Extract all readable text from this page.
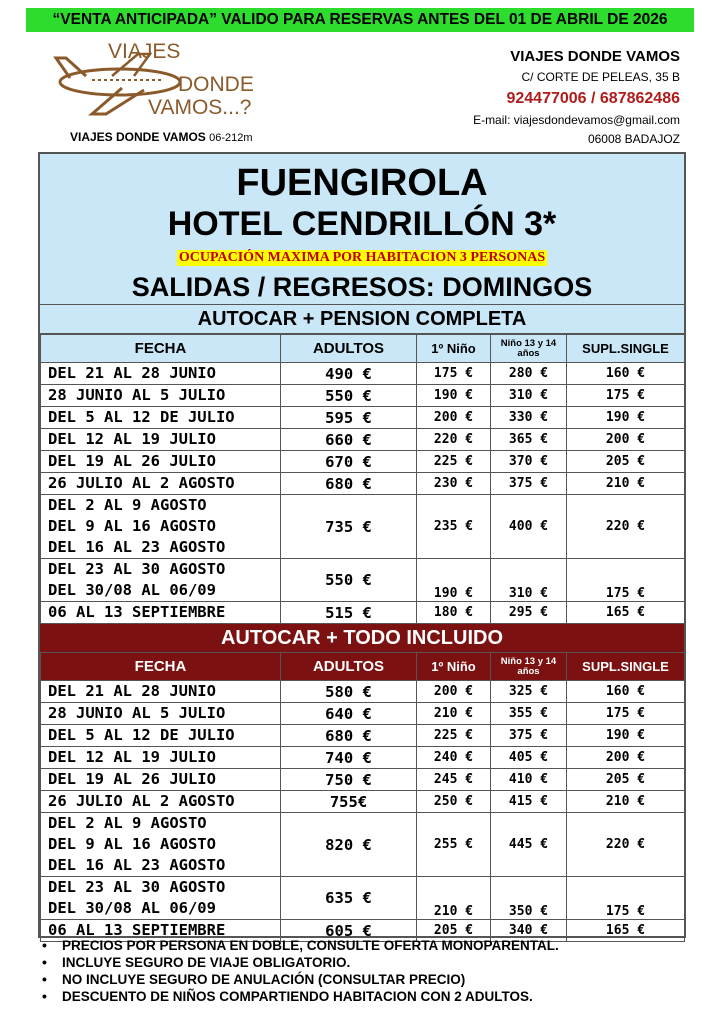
“VENTA ANTICIPADA” VALIDO PARA RESERVAS ANTES DEL 01 DE ABRIL DE 2026
VIAJES
DONDE
VAMOS...?
VIAJES DONDE VAMOS 06-212m
VIAJES DONDE VAMOS
C/ CORTE DE PELEAS, 35 B
924477006 / 687862486
E-mail: viajesdondevamos@gmail.com
06008 BADAJOZ
FUENGIROLA
HOTEL CENDRILLÓN 3*
OCUPACIÓN MAXIMA POR HABITACION 3 PERSONAS
SALIDAS / REGRESOS: DOMINGOS
AUTOCAR + PENSION COMPLETA
FECHA	ADULTOS	1º Niño	Niño 13 y 14 años	SUPL.SINGLE

DEL 21 AL 28 JUNIO	490 €	175 €	280 €	160 €

28 JUNIO AL 5 JULIO	550 €	190 €	310 €	175 €

DEL 5 AL 12 DE JULIO	595 €	200 €	330 €	190 €

DEL 12 AL 19 JULIO	660 €	220 €	365 €	200 €

DEL 19 AL 26 JULIO	670 €	225 €	370 €	205 €

26 JULIO AL 2 AGOSTO	680 €	230 €	375 €	210 €

DEL 2 AL 9 AGOSTO
DEL 9 AL 16 AGOSTO
DEL 16 AL 23 AGOSTO	735 €	235 €	400 €	220 €

DEL 23 AL 30 AGOSTO
DEL 30/08 AL 06/09	550 €	190 €	310 €	175 €

06 AL 13 SEPTIEMBRE	515 €	180 €	295 €	165 €
AUTOCAR + TODO INCLUIDO
FECHA	ADULTOS	1º Niño	Niño 13 y 14 años	SUPL.SINGLE

DEL 21 AL 28 JUNIO	580 €	200 €	325 €	160 €

28 JUNIO AL 5 JULIO	640 €	210 €	355 €	175 €

DEL 5 AL 12 DE JULIO	680 €	225 €	375 €	190 €

DEL 12 AL 19 JULIO	740 €	240 €	405 €	200 €

DEL 19 AL 26 JULIO	750 €	245 €	410 €	205 €

26 JULIO AL 2 AGOSTO	755€	250 €	415 €	210 €

DEL 2 AL 9 AGOSTO
DEL 9 AL 16 AGOSTO
DEL 16 AL 23 AGOSTO	820 €	255 €	445 €	220 €

DEL 23 AL 30 AGOSTO
DEL 30/08 AL 06/09	635 €	210 €	350 €	175 €

06 AL 13 SEPTIEMBRE	605 €	205 €	340 €	165 €
• PRECIOS POR PERSONA EN DOBLE, CONSULTE OFERTA MONOPARENTAL.
• INCLUYE SEGURO DE VIAJE OBLIGATORIO.
• NO INCLUYE SEGURO DE ANULACIÓN (CONSULTAR PRECIO)
• DESCUENTO DE NIÑOS COMPARTIENDO HABITACION CON 2 ADULTOS.
